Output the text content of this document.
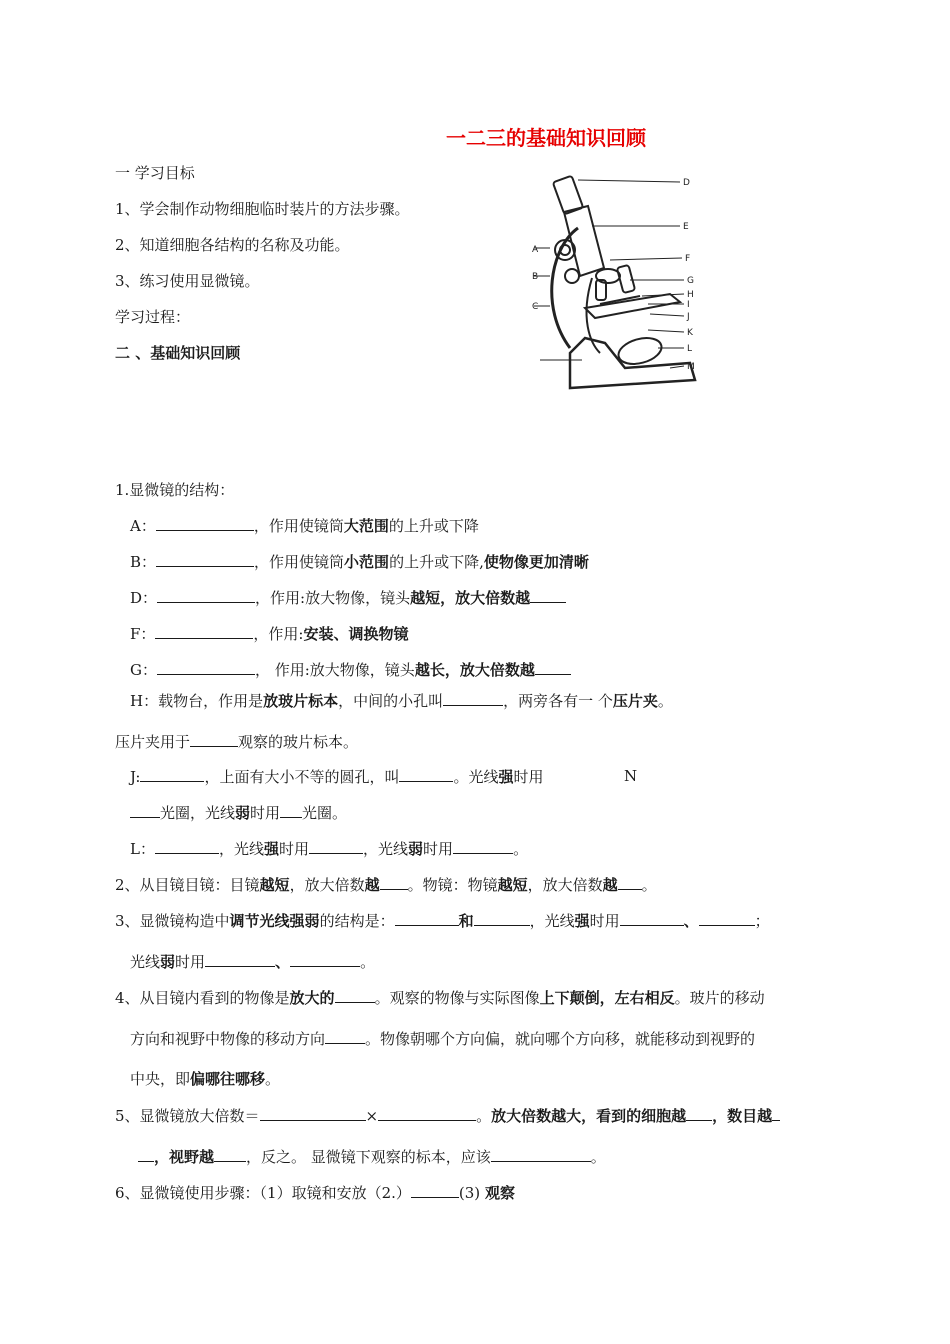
一二三的基础知识回顾
一 学习目标
1、学会制作动物细胞临时装片的方法步骤。
2、知道细胞各结构的名称及功能。
3、练习使用显微镜。
学习过程：
二 、基础知识回顾
A
B
C
D
E
F
G
H
I
J
K
L
M
1.显微镜的结构：
A：	，作用使镜筒大范围的上升或下降
B：	，作用使镜筒小范围的上升或下降,使物像更加清晰
D：	，作用:放大物像，镜头越短，放大倍数越
F：	，作用:安装、调换物镜
G：	， 作用:放大物像，镜头越长，放大倍数越
H：载物台，作用是放玻片标本，中间的小孔叫	，两旁各有一 个压片夹。
压片夹用于	观察的玻片标本。
J:	，上面有大小不等的圆孔，叫	。光线强时用	N
光圈，光线弱时用 光圈。
L：	，光线强时用	，光线弱时用	。
2、从目镜目镜：目镜越短，放大倍数越 。物镜：物镜越短，放大倍数越 。
3、显微镜构造中调节光线强弱的结构是：	和	，光线强时用	、	；
光线弱时用	、	。
4、从目镜内看到的物像是放大的	。观察的物像与实际图像上下颠倒，左右相反。玻片的移动
方向和视野中物像的移动方向	。物像朝哪个方向偏，就向哪个方向移，就能移动到视野的
中央，即偏哪往哪移。
5、显微镜放大倍数＝	×	。放大倍数越大，看到的细胞越 ，数目越
，视野越 ，反之。 显微镜下观察的标本，应该	。
6、显微镜使用步骤：（1）取镜和安放（2.）	(3) 观察
